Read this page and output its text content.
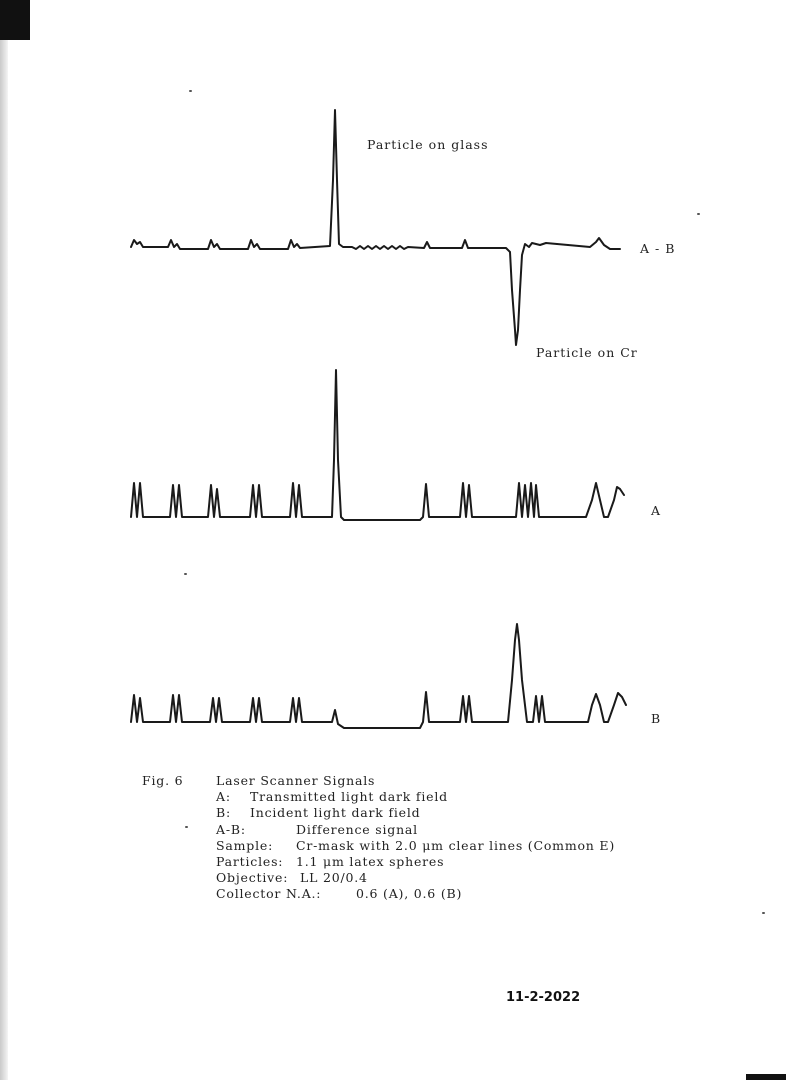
Particle on glass
Particle on Cr
A - B
A
B
Fig. 6	Laser Scanner Signals
A:	Transmitted light dark field
B:	Incident light dark field
A-B:	Difference signal
Sample:	Cr-mask with 2.0 μm clear lines (Common E)
Particles:	1.1 μm latex spheres
Objective: LL 20/0.4
Collector N.A.:	0.6 (A), 0.6 (B)
11-2-2022
